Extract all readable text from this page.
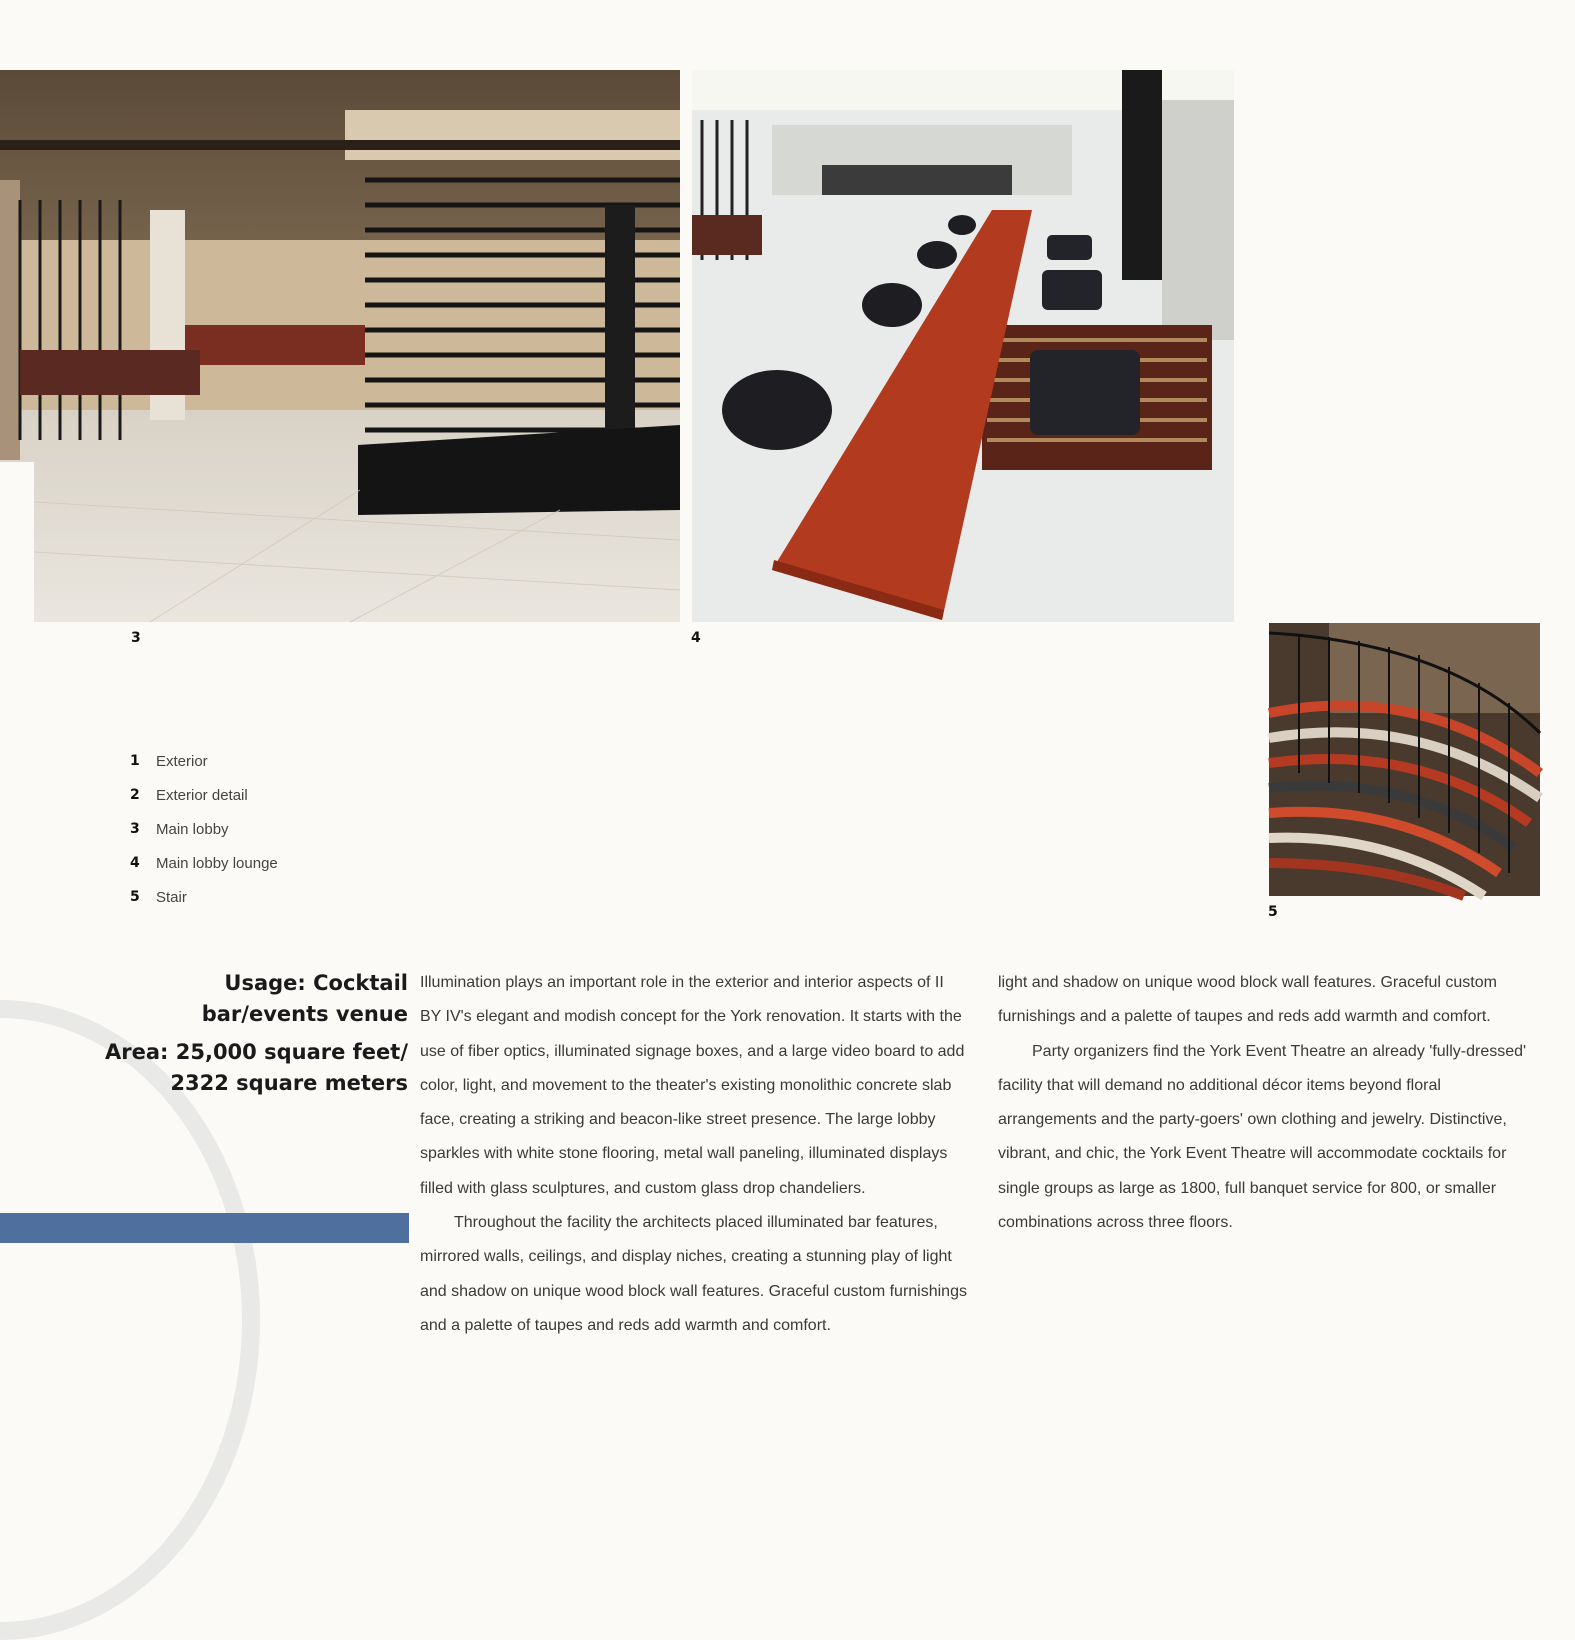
3	4
5
1	Exterior
2	Exterior detail
3	Main lobby
4	Main lobby lounge
5	Stair
Usage: Cocktail
bar/events venue
Area: 25,000 square feet/
2322 square meters

Illumination plays an important role in the exterior and interior aspects of II BY IV's elegant and modish concept for the York renovation. It starts with the use of fiber optics, illuminated signage boxes, and a large video board to add color, light, and movement to the theater's existing monolithic concrete slab face, creating a striking and beacon-like street presence. The large lobby sparkles with white stone flooring, metal wall paneling, illuminated displays filled with glass sculptures, and custom glass drop chandeliers.

Throughout the facility the architects placed illuminated bar features, mirrored walls, ceilings, and display niches, creating a stunning play of light and shadow on unique wood block wall features. Graceful custom furnishings and a palette of taupes and reds add warmth and comfort.

light and shadow on unique wood block wall features. Graceful custom furnishings and a palette of taupes and reds add warmth and comfort.

Party organizers find the York Event Theatre an already 'fully-dressed' facility that will demand no additional décor items beyond floral arrangements and the party-goers' own clothing and jewelry. Distinctive, vibrant, and chic, the York Event Theatre will accommodate cocktails for single groups as large as 1800, full banquet service for 800, or smaller combinations across three floors.
